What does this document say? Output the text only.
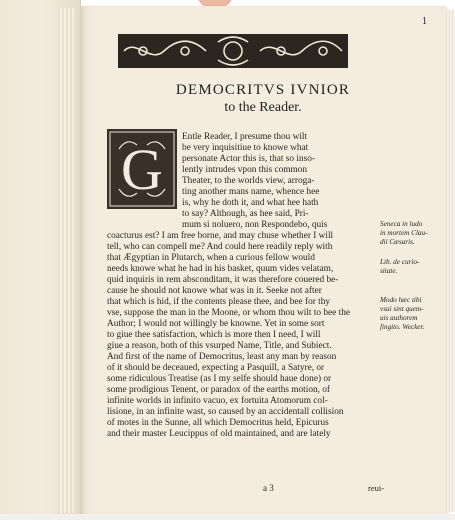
1
DEMOCRITVS IVNIOR
to the Reader.
G Entle Reader, I presume thou wilt
be very inquisitiue to knowe what
personate Actor this is, that so inso-
lently intrudes vpon this common
Theater, to the worlds view, arroga-
ting another mans name, whence hee
is, why he doth it, and what hee hath
to say? Although, as hee said, Pri-
mum si noluero, non Respondebo, quis
coacturus est? I am free borne, and may chuse whether I will
tell, who can compell me? And could here readily reply with
that Ægyptian in Plutarch, when a curious fellow would
needs knowe what he had in his basket, quum vides velatam,
quid inquiris in rem absconditam, it was therefore couered be-
cause he should not knowe what was in it. Seeke not after
that which is hid, if the contents please thee, and bee for thy
vse, suppose the man in the Moone, or whom thou wilt to bee the
Author; I would not willingly be knowne. Yet in some sort
to giue thee satisfaction, which is more then I need, I will
giue a reason, both of this vsurped Name, Title, and Subiect.
And first of the name of Democritus, least any man by reason
of it should be deceaued, expecting a Pasquill, a Satyre, or
some ridiculous Treatise (as I my selfe should haue done) or
some prodigious Tenent, or paradox of the earths motion, of
infinite worlds in infinito vacuo, ex fortuita Atomorum col-
lisione, in an infinite wast, so caused by an accidentall collision
of motes in the Sunne, all which Democritus held, Epicurus
and their master Leucippus of old maintained, and are lately
Seneca in ludo
in mortem Clau-
dii Cæsaris.
Lib. de curio-
sitate.
Modo hæc tibi
vsui sint quem-
uis authorem
fingito. Wecker.
a 3	reui-
